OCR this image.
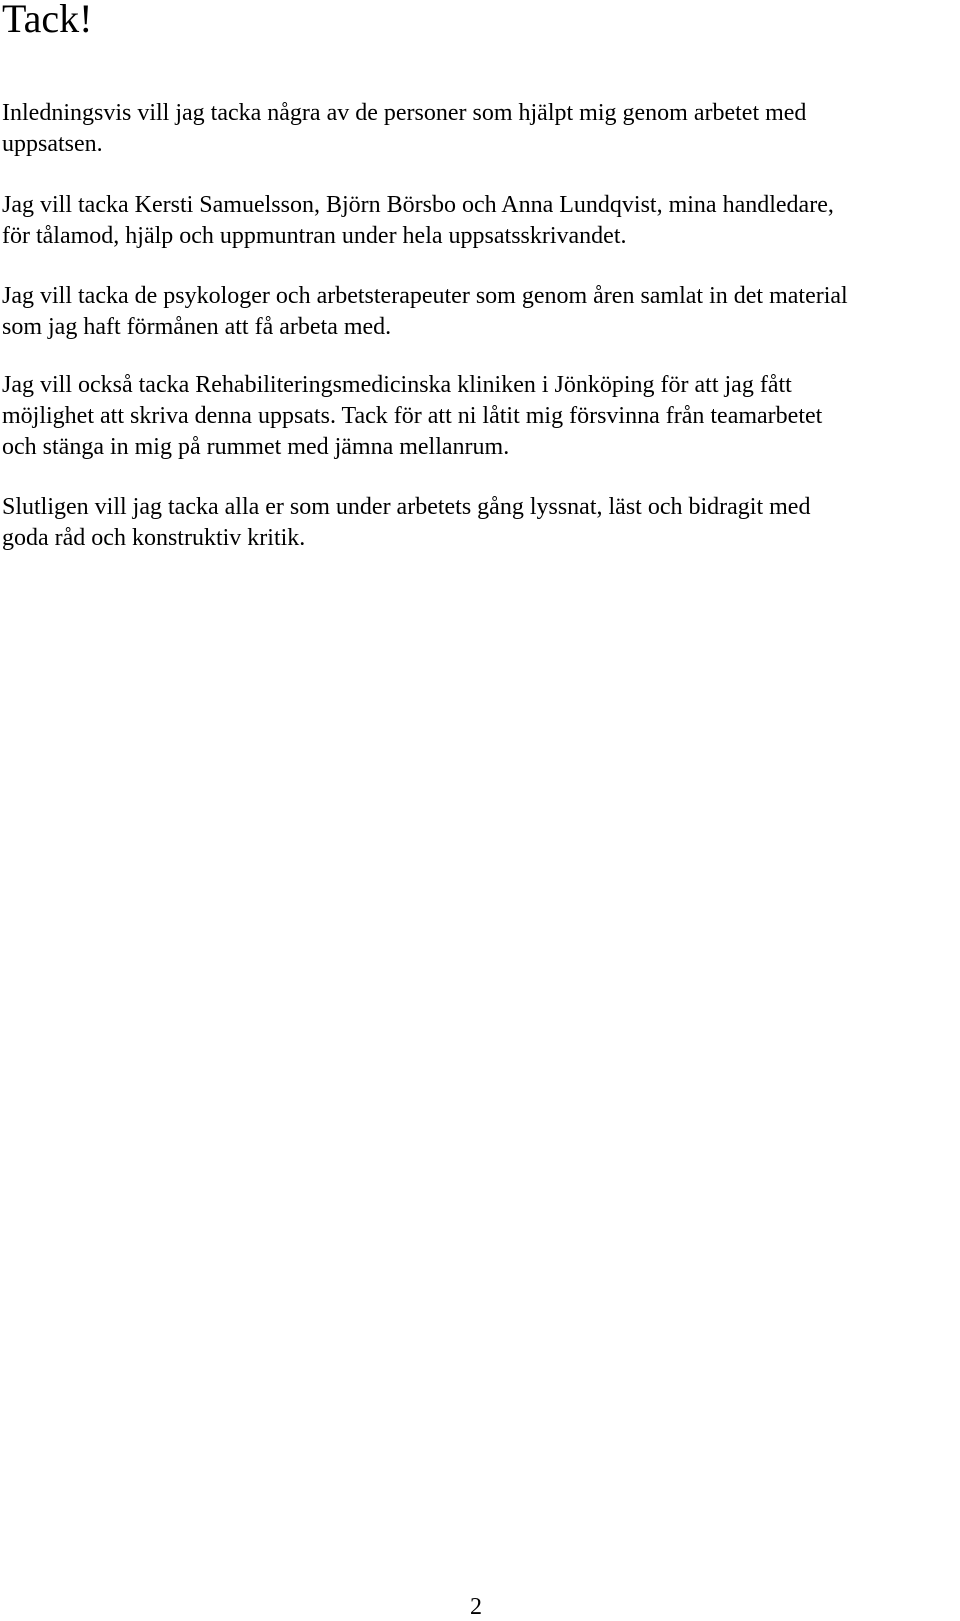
Tack!

Inledningsvis vill jag tacka några av de personer som hjälpt mig genom arbetet med
uppsatsen.

Jag vill tacka Kersti Samuelsson, Björn Börsbo och Anna Lundqvist, mina handledare,
för tålamod, hjälp och uppmuntran under hela uppsatsskrivandet.

Jag vill tacka de psykologer och arbetsterapeuter som genom åren samlat in det material
som jag haft förmånen att få arbeta med.

Jag vill också tacka Rehabiliteringsmedicinska kliniken i Jönköping för att jag fått
möjlighet att skriva denna uppsats. Tack för att ni låtit mig försvinna från teamarbetet
och stänga in mig på rummet med jämna mellanrum.

Slutligen vill jag tacka alla er som under arbetets gång lyssnat, läst och bidragit med
goda råd och konstruktiv kritik.

2
